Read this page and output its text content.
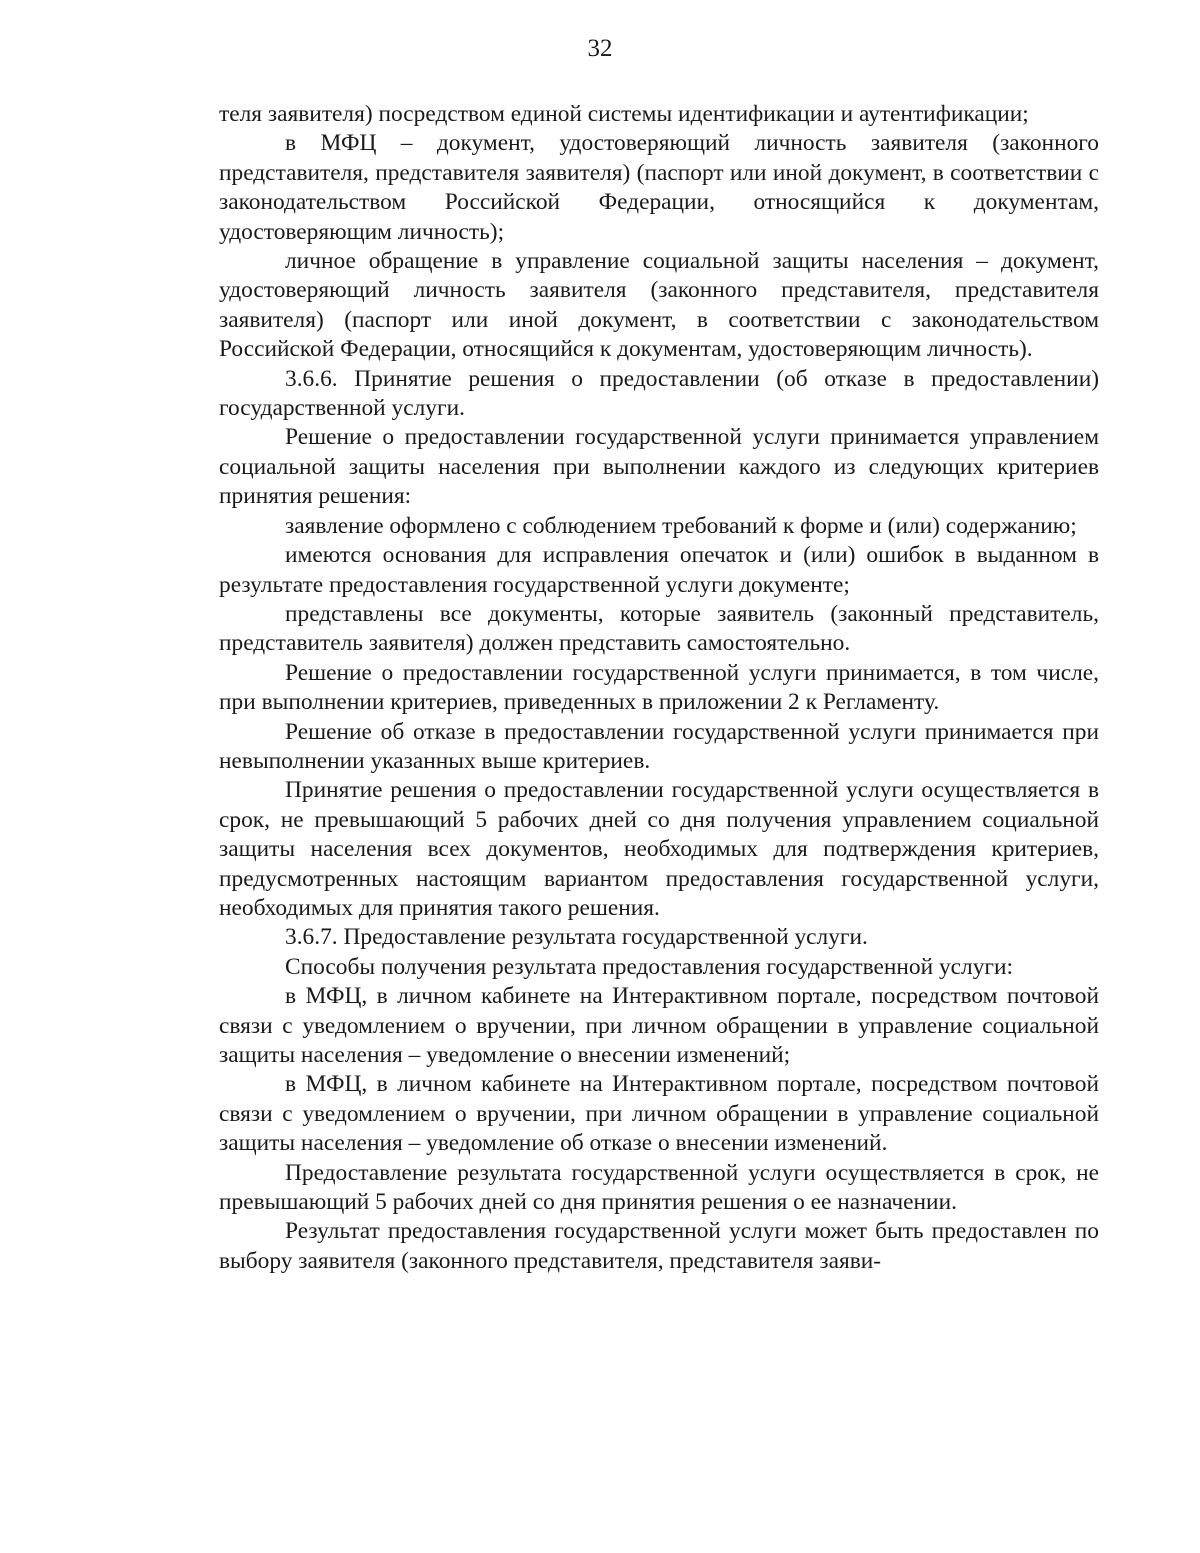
32

теля заявителя) посредством единой системы идентификации и аутентификации;

в МФЦ – документ, удостоверяющий личность заявителя (законного представителя, представителя заявителя) (паспорт или иной документ, в соответствии с законодательством Российской Федерации, относящийся к документам, удостоверяющим личность);

личное обращение в управление социальной защиты населения – документ, удостоверяющий личность заявителя (законного представителя, представителя заявителя) (паспорт или иной документ, в соответствии с законодательством Российской Федерации, относящийся к документам, удостоверяющим личность).

3.6.6. Принятие решения о предоставлении (об отказе в предоставлении) государственной услуги.

Решение о предоставлении государственной услуги принимается управлением социальной защиты населения при выполнении каждого из следующих критериев принятия решения:

заявление оформлено с соблюдением требований к форме и (или) содержанию;

имеются основания для исправления опечаток и (или) ошибок в выданном в результате предоставления государственной услуги документе;

представлены все документы, которые заявитель (законный представитель, представитель заявителя) должен представить самостоятельно.

Решение о предоставлении государственной услуги принимается, в том числе, при выполнении критериев, приведенных в приложении 2 к Регламенту.

Решение об отказе в предоставлении государственной услуги принимается при невыполнении указанных выше критериев.

Принятие решения о предоставлении государственной услуги осуществляется в срок, не превышающий 5 рабочих дней со дня получения управлением социальной защиты населения всех документов, необходимых для подтверждения критериев, предусмотренных настоящим вариантом предоставления государственной услуги, необходимых для принятия такого решения.

3.6.7. Предоставление результата государственной услуги.

Способы получения результата предоставления государственной услуги:

в МФЦ, в личном кабинете на Интерактивном портале, посредством почтовой связи с уведомлением о вручении, при личном обращении в управление социальной защиты населения – уведомление о внесении изменений;

в МФЦ, в личном кабинете на Интерактивном портале, посредством почтовой связи с уведомлением о вручении, при личном обращении в управление социальной защиты населения – уведомление об отказе о внесении изменений.

Предоставление результата государственной услуги осуществляется в срок, не превышающий 5 рабочих дней со дня принятия решения о ее назначении.

Результат предоставления государственной услуги может быть предоставлен по выбору заявителя (законного представителя, представителя заяви-
